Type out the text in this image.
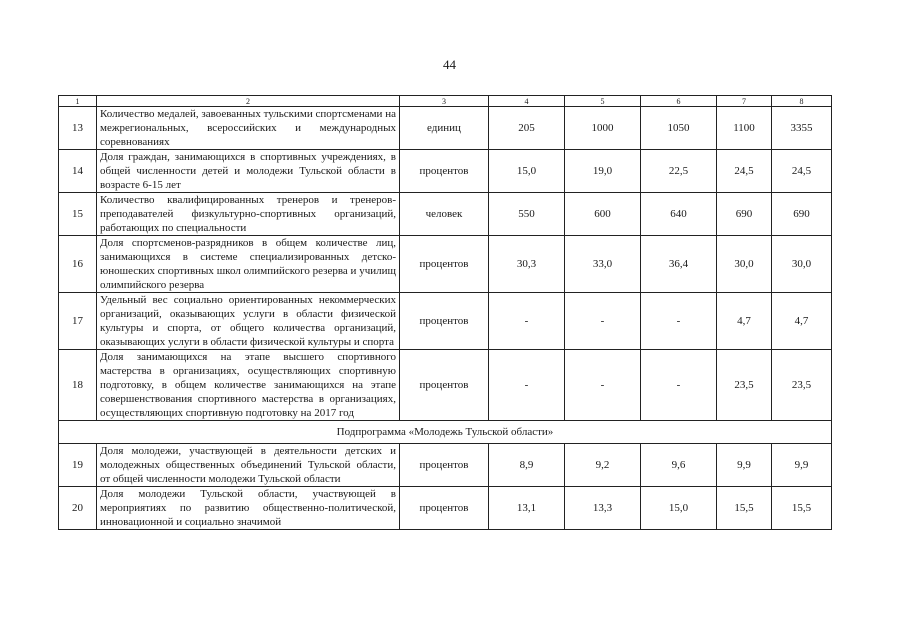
44
1	2	3	4	5	6	7	8
13	Количество медалей, завоеванных тульскими спортсменами на межрегиональных, всероссийских и международных соревнованиях	единиц	205	1000	1050	1100	3355
14	Доля граждан, занимающихся в спортивных учреждениях, в общей численности детей и молодежи Тульской области в возрасте 6-15 лет	процентов	15,0	19,0	22,5	24,5	24,5
15	Количество квалифицированных тренеров и тренеров-преподавателей физкультурно-спортивных организаций, работающих по специальности	человек	550	600	640	690	690
16	Доля спортсменов-разрядников в общем количестве лиц, занимающихся в системе специализированных детско-юношеских спортивных школ олимпийского резерва и училищ олимпийского резерва	процентов	30,3	33,0	36,4	30,0	30,0
17	Удельный вес социально ориентированных некоммерческих организаций, оказывающих услуги в области физической культуры и спорта, от общего количества организаций, оказывающих услуги в области физической культуры и спорта	процентов	-	-	-	4,7	4,7
18	Доля занимающихся на этапе высшего спортивного мастерства в организациях, осуществляющих спортивную подготовку, в общем количестве занимающихся на этапе совершенствования спортивного мастерства в организациях, осуществляющих спортивную подготовку на 2017 год	процентов	-	-	-	23,5	23,5
Подпрограмма «Молодежь Тульской области»							
19	Доля молодежи, участвующей в деятельности детских и молодежных общественных объединений Тульской области, от общей численности молодежи Тульской области	процентов	8,9	9,2	9,6	9,9	9,9
20	Доля молодежи Тульской области, участвующей в мероприятиях по развитию общественно-политической, инновационной и социально значимой	процентов	13,1	13,3	15,0	15,5	15,5
